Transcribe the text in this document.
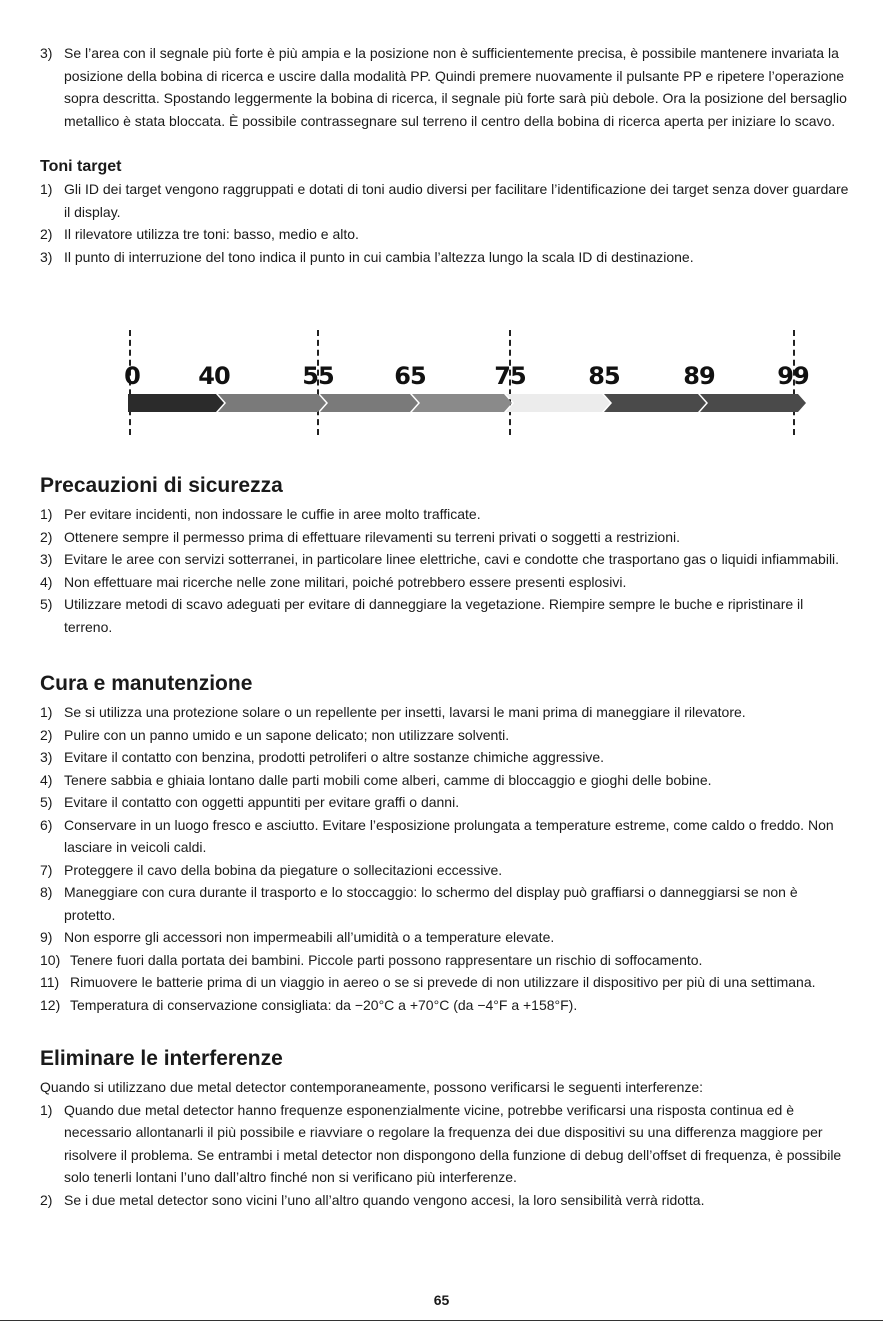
3) Se l’area con il segnale più forte è più ampia e la posizione non è sufficientemente precisa, è possibile mantenere invariata la posizione della bobina di ricerca e uscire dalla modalità PP. Quindi premere nuovamente il pulsante PP e ripetere l’operazione sopra descritta. Spostando leggermente la bobina di ricerca, il segnale più forte sarà più debole. Ora la posizione del bersaglio metallico è stata bloccata. È possibile contrassegnare sul terreno il centro della bobina di ricerca aperta per iniziare lo scavo.
Toni target
1) Gli ID dei target vengono raggruppati e dotati di toni audio diversi per facilitare l’identificazione dei target senza dover guardare il display.
2) Il rilevatore utilizza tre toni: basso, medio e alto.
3) Il punto di interruzione del tono indica il punto in cui cambia l’altezza lungo la scala ID di destinazione.
0 40	55	65	75	85	89	99
Precauzioni di sicurezza
1) Per evitare incidenti, non indossare le cuffie in aree molto trafficate.
2) Ottenere sempre il permesso prima di effettuare rilevamenti su terreni privati o soggetti a restrizioni.
3) Evitare le aree con servizi sotterranei, in particolare linee elettriche, cavi e condotte che trasportano gas o liquidi infiammabili.
4) Non effettuare mai ricerche nelle zone militari, poiché potrebbero essere presenti esplosivi.
5) Utilizzare metodi di scavo adeguati per evitare di danneggiare la vegetazione. Riempire sempre le buche e ripristinare il terreno.
Cura e manutenzione
1) Se si utilizza una protezione solare o un repellente per insetti, lavarsi le mani prima di maneggiare il rilevatore.
2) Pulire con un panno umido e un sapone delicato; non utilizzare solventi.
3) Evitare il contatto con benzina, prodotti petroliferi o altre sostanze chimiche aggressive.
4) Tenere sabbia e ghiaia lontano dalle parti mobili come alberi, camme di bloccaggio e gioghi delle bobine.
5) Evitare il contatto con oggetti appuntiti per evitare graffi o danni.
6) Conservare in un luogo fresco e asciutto. Evitare l’esposizione prolungata a temperature estreme, come caldo o freddo. Non lasciare in veicoli caldi.
7) Proteggere il cavo della bobina da piegature o sollecitazioni eccessive.
8) Maneggiare con cura durante il trasporto e lo stoccaggio: lo schermo del display può graffiarsi o danneggiarsi se non è protetto.
9) Non esporre gli accessori non impermeabili all’umidità o a temperature elevate.
10) Tenere fuori dalla portata dei bambini. Piccole parti possono rappresentare un rischio di soffocamento.
11) Rimuovere le batterie prima di un viaggio in aereo o se si prevede di non utilizzare il dispositivo per più di una settimana.
12) Temperatura di conservazione consigliata: da −20°C a +70°C (da −4°F a +158°F).
Eliminare le interferenze
Quando si utilizzano due metal detector contemporaneamente, possono verificarsi le seguenti interferenze:
1) Quando due metal detector hanno frequenze esponenzialmente vicine, potrebbe verificarsi una risposta continua ed è necessario allontanarli il più possibile e riavviare o regolare la frequenza dei due dispositivi su una differenza maggiore per risolvere il problema. Se entrambi i metal detector non dispongono della funzione di debug dell’offset di frequenza, è possibile solo tenerli lontani l’uno dall’altro finché non si verificano più interferenze.
2) Se i due metal detector sono vicini l’uno all’altro quando vengono accesi, la loro sensibilità verrà ridotta.
65
